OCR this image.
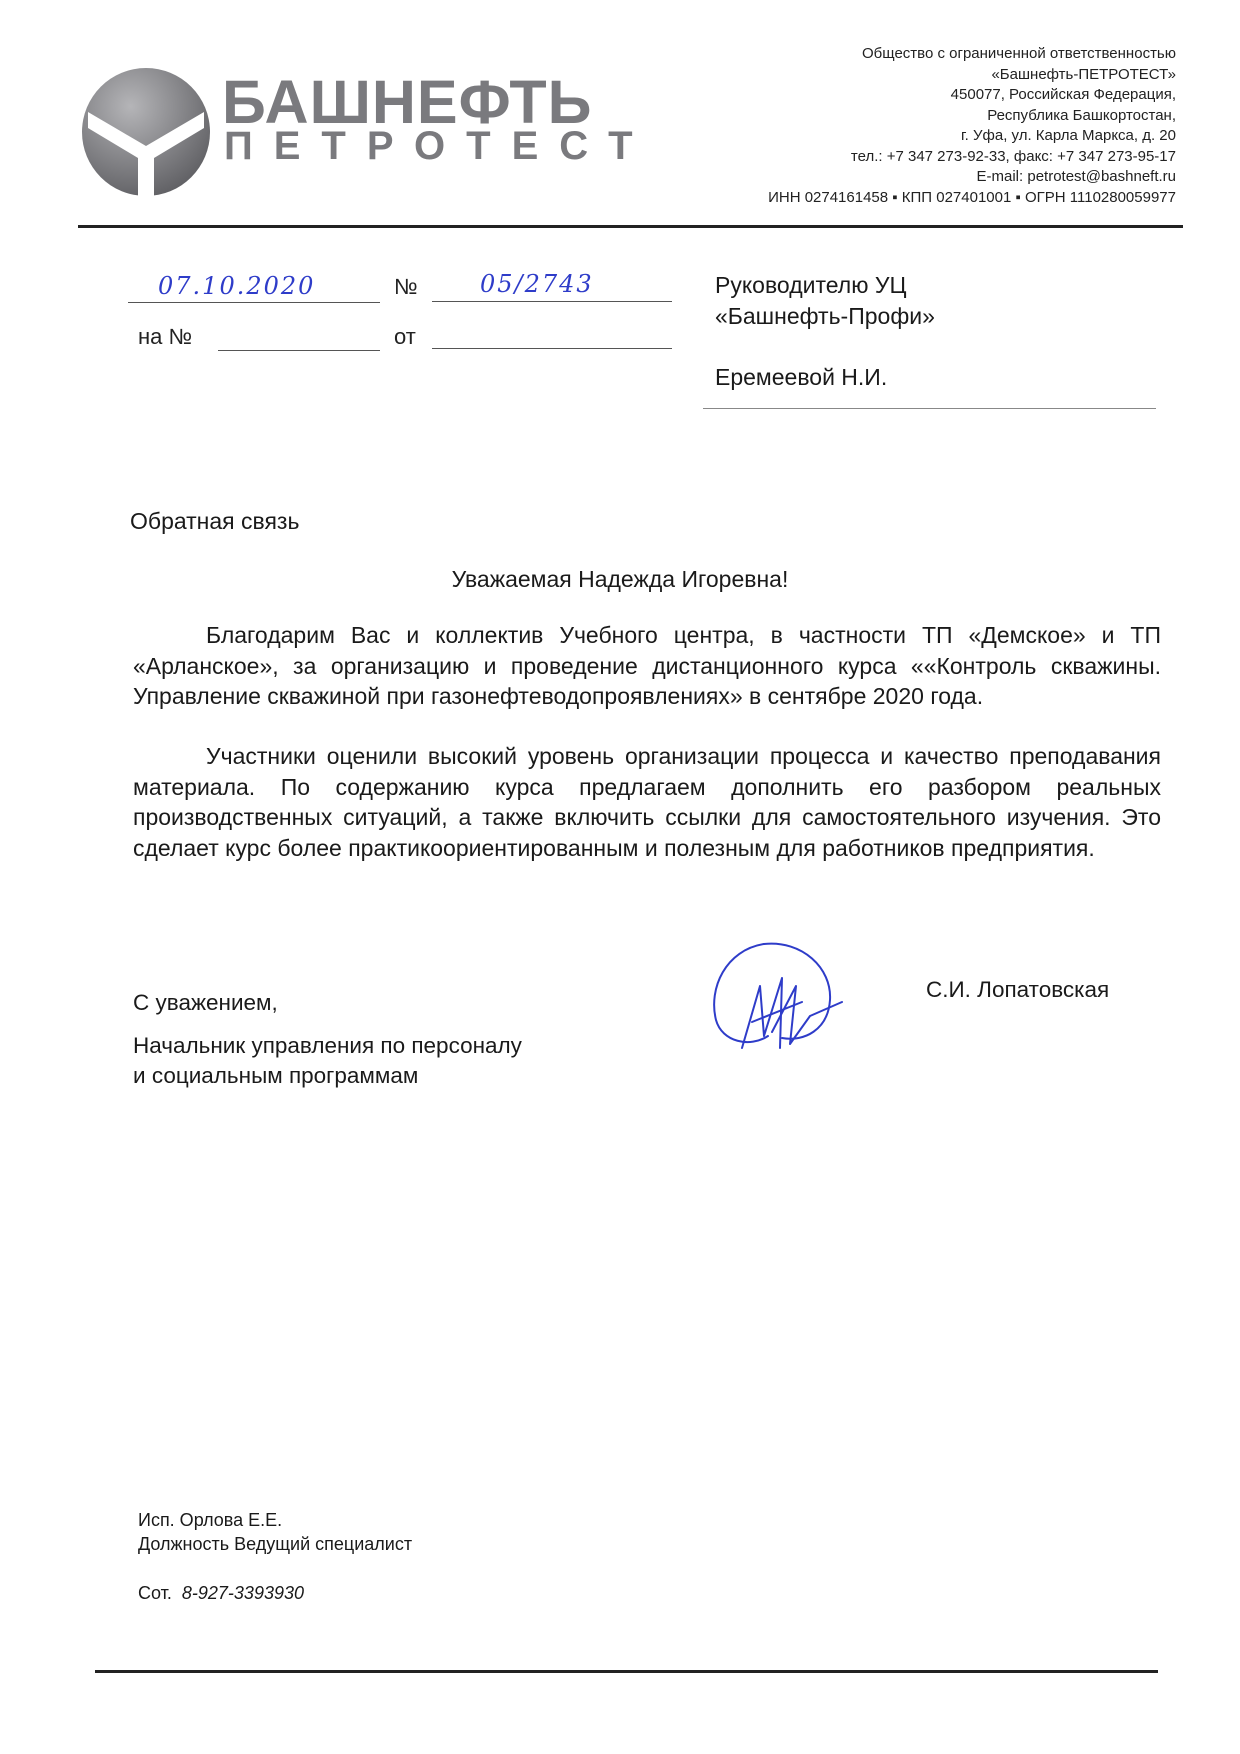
БАШНЕФТЬ
ПЕТРОТЕСТ
Общество с ограниченной ответственностью
«Башнефть-ПЕТРОТЕСТ»
450077, Российская Федерация,
Республика Башкортостан,
г. Уфа, ул. Карла Маркса, д. 20
тел.: +7 347 273-92-33, факс: +7 347 273-95-17
E-mail: petrotest@bashneft.ru
ИНН 0274161458 ▪ КПП 027401001 ▪ ОГРН 1110280059977
07.10.2020	№	05/2743
на №	от
Руководителю УЦ
«Башнефть-Профи»
Еремеевой Н.И.
Обратная связь
Уважаемая Надежда Игоревна!
Благодарим Вас и коллектив Учебного центра, в частности ТП «Демское» и ТП «Арланское», за организацию и проведение дистанционного курса ««Контроль скважины. Управление скважиной при газонефтеводопроявлениях» в сентябре 2020 года.
Участники оценили высокий уровень организации процесса и качество преподавания материала. По содержанию курса предлагаем дополнить его разбором реальных производственных ситуаций, а также включить ссылки для самостоятельного изучения. Это сделает курс более практикоориентированным и полезным для работников предприятия.
С уважением,
Начальник управления по персоналу
и социальным программам
С.И. Лопатовская
Исп. Орлова Е.Е.
Должность Ведущий специалист
Сот. 8-927-3393930
